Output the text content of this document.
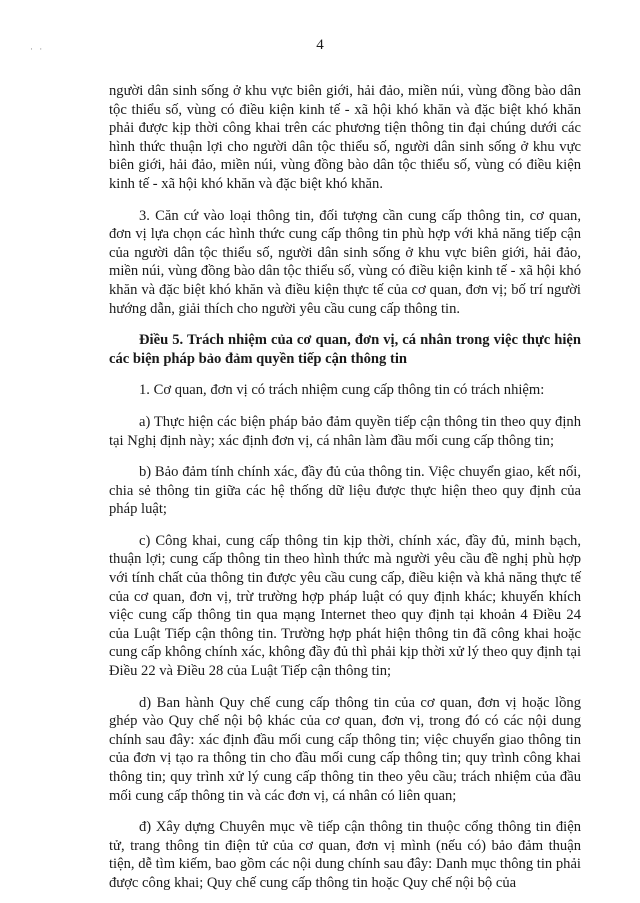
· ·	4

người dân sinh sống ở khu vực biên giới, hải đảo, miền núi, vùng đồng bào dân tộc thiểu số, vùng có điều kiện kinh tế - xã hội khó khăn và đặc biệt khó khăn phải được kịp thời công khai trên các phương tiện thông tin đại chúng dưới các hình thức thuận lợi cho người dân tộc thiểu số, người dân sinh sống ở khu vực biên giới, hải đảo, miền núi, vùng đồng bào dân tộc thiểu số, vùng có điều kiện kinh tế - xã hội khó khăn và đặc biệt khó khăn.

3. Căn cứ vào loại thông tin, đối tượng cần cung cấp thông tin, cơ quan, đơn vị lựa chọn các hình thức cung cấp thông tin phù hợp với khả năng tiếp cận của người dân tộc thiểu số, người dân sinh sống ở khu vực biên giới, hải đảo, miền núi, vùng đồng bào dân tộc thiểu số, vùng có điều kiện kinh tế - xã hội khó khăn và đặc biệt khó khăn và điều kiện thực tế của cơ quan, đơn vị; bố trí người hướng dẫn, giải thích cho người yêu cầu cung cấp thông tin.

Điều 5. Trách nhiệm của cơ quan, đơn vị, cá nhân trong việc thực hiện các biện pháp bảo đảm quyền tiếp cận thông tin

1. Cơ quan, đơn vị có trách nhiệm cung cấp thông tin có trách nhiệm:

a) Thực hiện các biện pháp bảo đảm quyền tiếp cận thông tin theo quy định tại Nghị định này; xác định đơn vị, cá nhân làm đầu mối cung cấp thông tin;

b) Bảo đảm tính chính xác, đầy đủ của thông tin. Việc chuyển giao, kết nối, chia sẻ thông tin giữa các hệ thống dữ liệu được thực hiện theo quy định của pháp luật;

c) Công khai, cung cấp thông tin kịp thời, chính xác, đầy đủ, minh bạch, thuận lợi; cung cấp thông tin theo hình thức mà người yêu cầu đề nghị phù hợp với tính chất của thông tin được yêu cầu cung cấp, điều kiện và khả năng thực tế của cơ quan, đơn vị, trừ trường hợp pháp luật có quy định khác; khuyến khích việc cung cấp thông tin qua mạng Internet theo quy định tại khoản 4 Điều 24 của Luật Tiếp cận thông tin. Trường hợp phát hiện thông tin đã công khai hoặc cung cấp không chính xác, không đầy đủ thì phải kịp thời xử lý theo quy định tại Điều 22 và Điều 28 của Luật Tiếp cận thông tin;

d) Ban hành Quy chế cung cấp thông tin của cơ quan, đơn vị hoặc lồng ghép vào Quy chế nội bộ khác của cơ quan, đơn vị, trong đó có các nội dung chính sau đây: xác định đầu mối cung cấp thông tin; việc chuyển giao thông tin của đơn vị tạo ra thông tin cho đầu mối cung cấp thông tin; quy trình công khai thông tin; quy trình xử lý cung cấp thông tin theo yêu cầu; trách nhiệm của đầu mối cung cấp thông tin và các đơn vị, cá nhân có liên quan;

đ) Xây dựng Chuyên mục về tiếp cận thông tin thuộc cổng thông tin điện tử, trang thông tin điện tử của cơ quan, đơn vị mình (nếu có) bảo đảm thuận tiện, dễ tìm kiếm, bao gồm các nội dung chính sau đây: Danh mục thông tin phải được công khai; Quy chế cung cấp thông tin hoặc Quy chế nội bộ của
